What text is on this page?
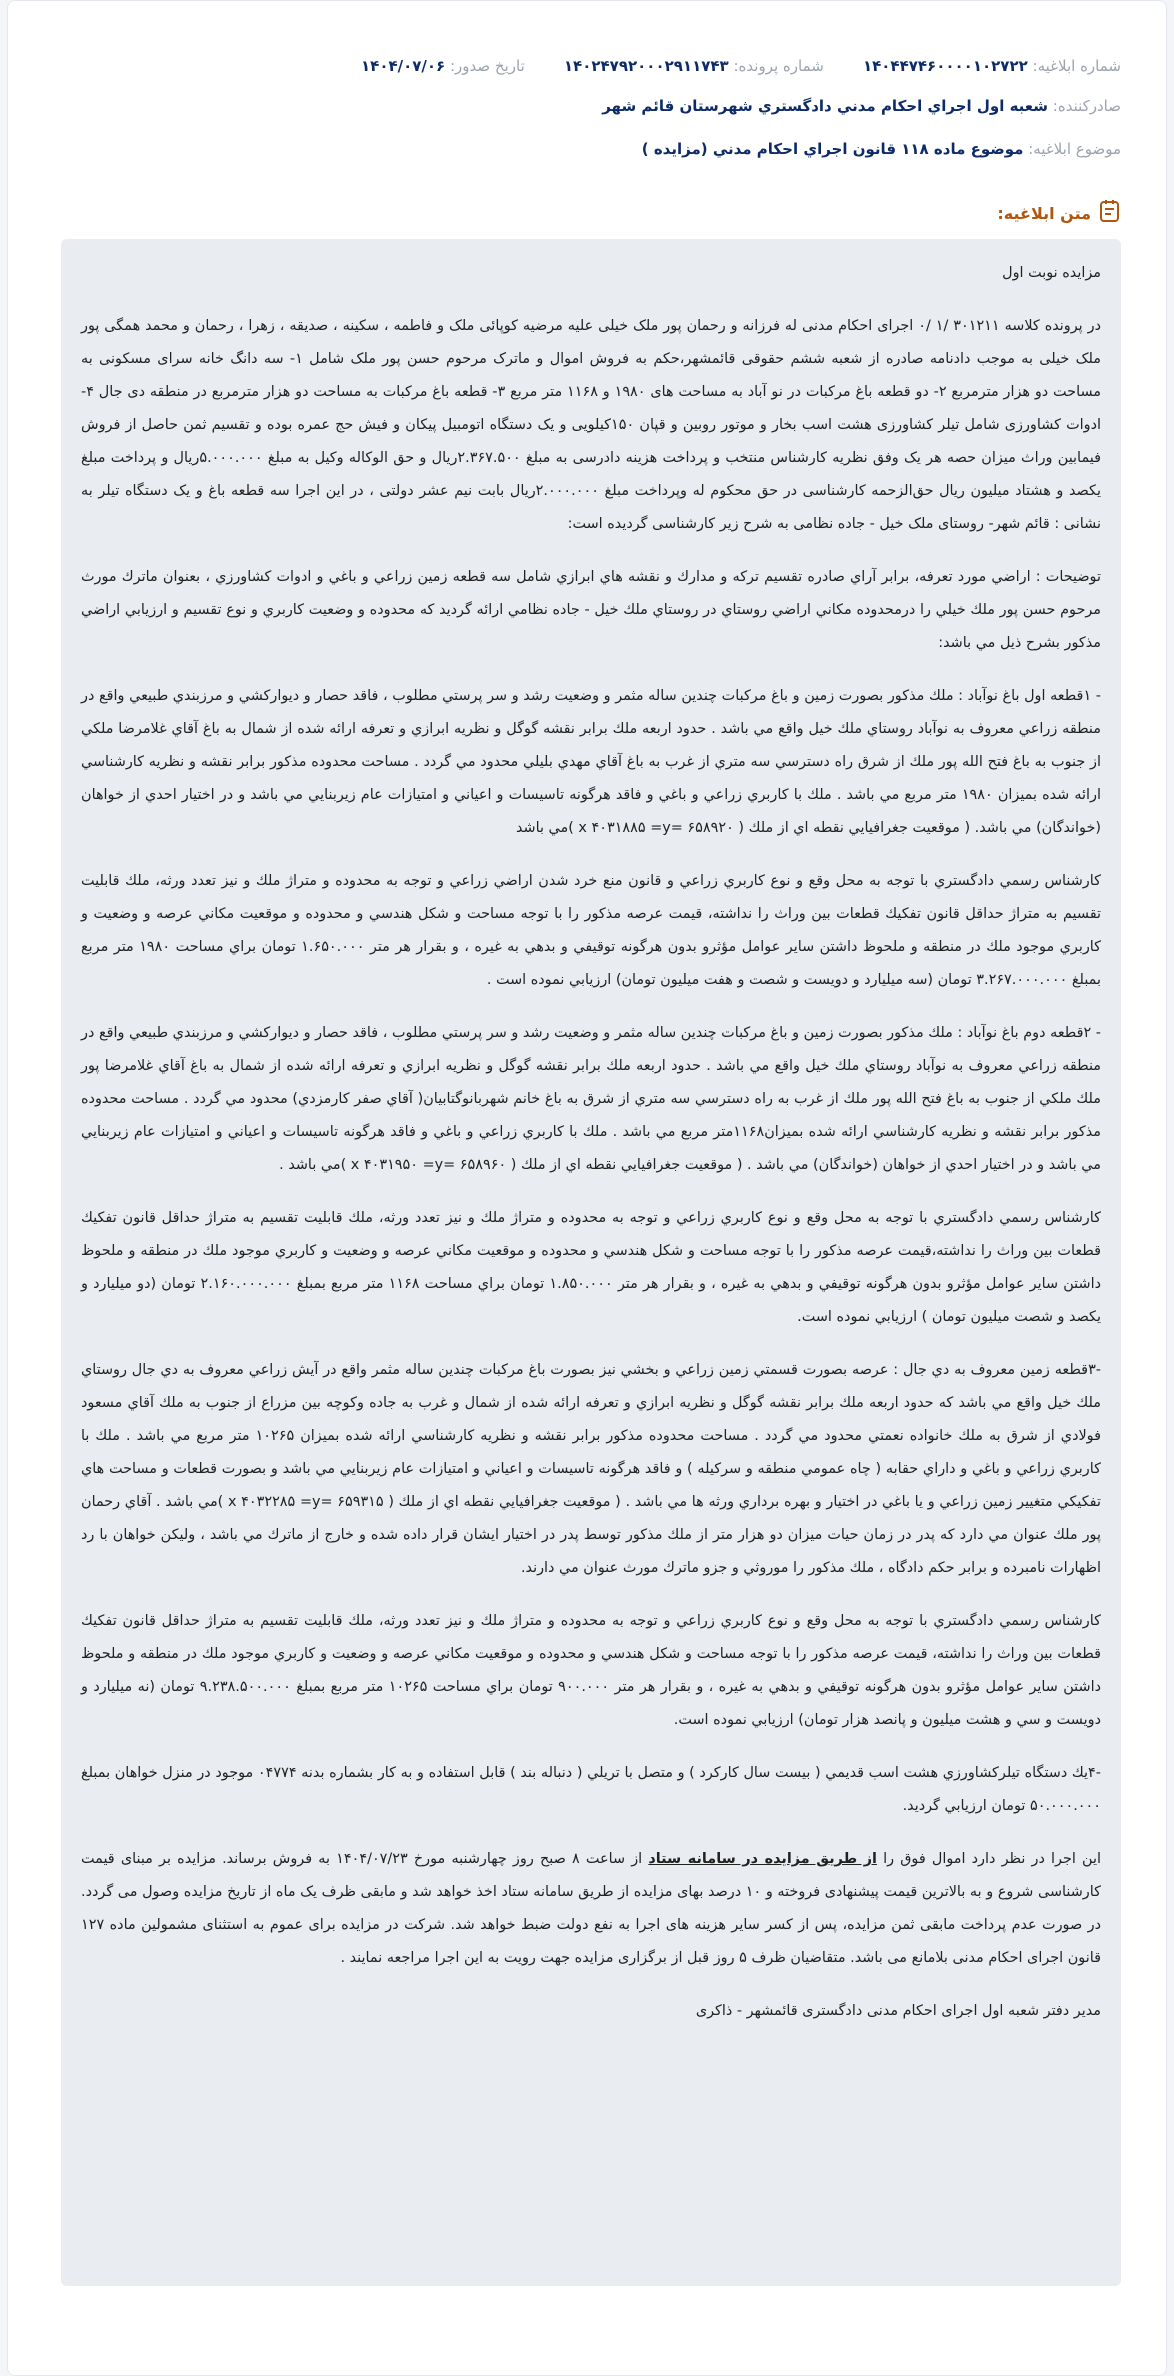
شماره ابلاغیه: ۱۴۰۴۴۷۴۶۰۰۰۰۱۰۲۷۲۲
شماره پرونده: ۱۴۰۲۴۷۹۲۰۰۰۲۹۱۱۷۴۳
تاریخ صدور: ۱۴۰۴/۰۷/۰۶
صادرکننده: شعبه اول اجراي احكام مدني دادگستري شهرستان قائم شهر
موضوع ابلاغیه: موضوع ماده ۱۱۸ قانون اجراي احكام مدني (مزايده )
متن ابلاغیه:

مزایده نوبت اول

در پرونده کلاسه ۳۰۱۲۱۱ /۱ /۰ اجرای احکام مدنی له فرزانه و رحمان پور ملک خیلی علیه مرضیه کوپائی ملک و فاطمه ، سکینه ، صدیقه ، زهرا ، رحمان و محمد همگی پور ملک خیلی به موجب دادنامه صادره از شعبه ششم حقوقی قائمشهر،حکم به فروش اموال و ماترک مرحوم حسن پور ملک شامل ۱- سه دانگ خانه سرای مسکونی به مساحت دو هزار مترمربع ۲- دو قطعه باغ مرکبات در نو آباد به مساحت های ۱۹۸۰ و ۱۱۶۸ متر مربع ۳- قطعه باغ مرکبات به مساحت دو هزار مترمربع در منطقه دی جال ۴- ادوات کشاورزی شامل تیلر کشاورزی هشت اسب بخار و موتور روبین و قپان ۱۵۰کیلویی و یک دستگاه اتومبیل پیکان و فیش حج عمره بوده و تقسیم ثمن حاصل از فروش فیمابین وراث میزان حصه هر یک وفق نظریه کارشناس منتخب و پرداخت هزینه دادرسی به مبلغ ۲.۳۶۷.۵۰۰ریال و حق الوکاله وکیل به مبلغ ۵.۰۰۰.۰۰۰ریال و پرداخت مبلغ یکصد و هشتاد میلیون ریال حق‌الزحمه کارشناسی در حق محکوم له وپرداخت مبلغ ۲.۰۰۰.۰۰۰ریال بابت نیم عشر دولتی ، در این اجرا سه قطعه باغ و یک دستگاه تیلر به نشانی : قائم شهر- روستای ملک خیل - جاده نظامی به شرح زیر کارشناسی گردیده است:

توضیحات : اراضي مورد تعرفه، برابر آراي صادره تقسيم تركه و مدارك و نقشه هاي ابرازي شامل سه قطعه زمين زراعي و باغي و ادوات كشاورزي ، بعنوان ماترك مورث مرحوم حسن پور ملك خيلي را درمحدوده مكاني اراضي روستاي در روستاي ملك خيل - جاده نظامي ارائه گرديد كه محدوده و وضعيت كاربري و نوع تقسيم و ارزيابي اراضي مذكور بشرح ذيل مي باشد:

- ۱قطعه اول باغ نوآباد : ملك مذكور بصورت زمين و باغ مركبات چندين ساله مثمر و وضعيت رشد و سر پرستي مطلوب ، فاقد حصار و ديواركشي و مرزبندي طبيعي واقع در منطقه زراعي معروف به نوآباد روستاي ملك خيل واقع مي باشد . حدود اربعه ملك برابر نقشه گوگل و نظريه ابرازي و تعرفه ارائه شده از شمال به باغ آقاي غلامرضا ملكي از جنوب به باغ فتح الله پور ملك از شرق راه دسترسي سه متري از غرب به باغ آقاي مهدي بليلي محدود مي گردد . مساحت محدوده مذكور برابر نقشه و نظريه كارشناسي ارائه شده بميزان ۱۹۸۰ متر مربع مي باشد . ملك با كاربري زراعي و باغي و فاقد هرگونه تاسيسات و اعياني و امتيازات عام زيربنايي مي باشد و در اختيار احدي از خواهان (خواندگان) مي باشد. ( موقعيت جغرافيايي نقطه اي از ملك ( ۶۵۸۹۲۰ =x ۴۰۳۱۸۸۵ =y )مي باشد

كارشناس رسمي دادگستري با توجه به محل وقع و نوع كاربري زراعي و قانون منع خرد شدن اراضي زراعي و توجه به محدوده و متراژ ملك و نيز تعدد ورثه، ملك قابليت تقسيم به متراژ حداقل قانون تفكيك قطعات بين وراث را نداشته، قيمت عرصه مذكور را با توجه مساحت و شكل هندسي و محدوده و موقعيت مكاني عرصه و وضعيت و كاربري موجود ملك در منطقه و ملحوظ داشتن ساير عوامل مؤثرو بدون هرگونه توقيفي و بدهي به غيره ، و بقرار هر متر ۱.۶۵۰.۰۰۰ تومان براي مساحت ۱۹۸۰ متر مربع بمبلغ ۳.۲۶۷.۰۰۰.۰۰۰ تومان (سه ميليارد و دويست و شصت و هفت ميليون تومان) ارزيابي نموده است .

- ۲قطعه دوم باغ نوآباد : ملك مذكور بصورت زمين و باغ مركبات چندين ساله مثمر و وضعيت رشد و سر پرستي مطلوب ، فاقد حصار و ديواركشي و مرزبندي طبيعي واقع در منطقه زراعي معروف به نوآباد روستاي ملك خيل واقع مي باشد . حدود اربعه ملك برابر نقشه گوگل و نظريه ابرازي و تعرفه ارائه شده از شمال به باغ آقاي غلامرضا پور ملك ملكي از جنوب به باغ فتح الله پور ملك از غرب به راه دسترسي سه متري از شرق به باغ خانم شهربانوگتابيان( آقاي صفر كارمزدي) محدود مي گردد . مساحت محدوده مذكور برابر نقشه و نظريه كارشناسي ارائه شده بميزان۱۱۶۸متر مربع مي باشد . ملك با كاربري زراعي و باغي و فاقد هرگونه تاسيسات و اعياني و امتيازات عام زيربنايي مي باشد و در اختيار احدي از خواهان (خواندگان) مي باشد . ( موقعيت جغرافيايي نقطه اي از ملك ( ۶۵۸۹۶۰ =x ۴۰۳۱۹۵۰ =y )مي باشد .

كارشناس رسمي دادگستري با توجه به محل وقع و نوع كاربري زراعي و توجه به محدوده و متراژ ملك و نيز تعدد ورثه، ملك قابليت تقسيم به متراژ حداقل قانون تفكيك قطعات بين وراث را نداشته،قيمت عرصه مذكور را با توجه مساحت و شكل هندسي و محدوده و موقعيت مكاني عرصه و وضعيت و كاربري موجود ملك در منطقه و ملحوظ داشتن ساير عوامل مؤثرو بدون هرگونه توقيفي و بدهي به غيره ، و بقرار هر متر ۱.۸۵۰.۰۰۰ تومان براي مساحت ۱۱۶۸ متر مربع بمبلغ ۲.۱۶۰.۰۰۰.۰۰۰ تومان (دو ميليارد و يكصد و شصت ميليون تومان ) ارزيابي نموده است.

-۳قطعه زمين معروف به دي جال : عرصه بصورت قسمتي زمين زراعي و بخشي نيز بصورت باغ مركبات چندين ساله مثمر واقع در آيش زراعي معروف به دي جال روستاي ملك خيل واقع مي باشد كه حدود اربعه ملك برابر نقشه گوگل و نظريه ابرازي و تعرفه ارائه شده از شمال و غرب به جاده وكوچه بين مزراع از جنوب به ملك آقاي مسعود فولادي از شرق به ملك خانواده نعمتي محدود مي گردد . مساحت محدوده مذكور برابر نقشه و نظريه كارشناسي ارائه شده بميزان ۱۰۲۶۵ متر مربع مي باشد . ملك با كاربري زراعي و باغي و داراي حقابه ( چاه عمومي منطقه و سركيله ) و فاقد هرگونه تاسيسات و اعياني و امتيازات عام زيربنايي مي باشد و بصورت قطعات و مساحت هاي تفكيكي متغيير زمين زراعي و يا باغي در اختيار و بهره برداري ورثه ها مي باشد . ( موقعيت جغرافيايي نقطه اي از ملك ( ۶۵۹۳۱۵ =x ۴۰۳۲۲۸۵ =y )مي باشد . آقاي رحمان پور ملك عنوان مي دارد كه پدر در زمان حيات ميزان دو هزار متر از ملك مذكور توسط پدر در اختيار ايشان قرار داده شده و خارج از ماترك مي باشد ، وليكن خواهان با رد اظهارات نامبرده و برابر حكم دادگاه ، ملك مذكور را موروثي و جزو ماترك مورث عنوان مي دارند.

كارشناس رسمي دادگستري با توجه به محل وقع و نوع كاربري زراعي و توجه به محدوده و متراژ ملك و نيز تعدد ورثه، ملك قابليت تقسيم به متراژ حداقل قانون تفكيك قطعات بين وراث را نداشته، قيمت عرصه مذكور را با توجه مساحت و شكل هندسي و محدوده و موقعيت مكاني عرصه و وضعيت و كاربري موجود ملك در منطقه و ملحوظ داشتن ساير عوامل مؤثرو بدون هرگونه توقيفي و بدهي به غيره ، و بقرار هر متر ۹۰۰.۰۰۰ تومان براي مساحت ۱۰۲۶۵ متر مربع بمبلغ ۹.۲۳۸.۵۰۰.۰۰۰ تومان (نه ميليارد و دويست و سي و هشت ميليون و پانصد هزار تومان) ارزيابي نموده است.

-۴يك دستگاه تيلركشاورزي هشت اسب قديمي ( بيست سال كاركرد ) و متصل با تريلي ( دنباله بند ) قابل استفاده و به كار بشماره بدنه ۰۴۷۷۴ موجود در منزل خواهان بمبلغ ۵۰.۰۰۰.۰۰۰ تومان ارزيابي گرديد.

این اجرا در نظر دارد اموال فوق را از طریق مزایده در سامانه ستاد از ساعت ۸ صبح روز چهارشنبه مورخ ۱۴۰۴/۰۷/۲۳ به فروش برساند. مزایده بر مبنای قیمت کارشناسی شروع و به بالاترین قیمت پیشنهادی فروخته و ۱۰ درصد بهای مزایده از طریق سامانه ستاد اخذ خواهد شد و مابقی ظرف یک ماه از تاریخ مزایده وصول می گردد. در صورت عدم پرداخت مابقی ثمن مزایده، پس از کسر سایر هزینه های اجرا به نفع دولت ضبط خواهد شد. شرکت در مزایده برای عموم به استثنای مشمولین ماده ۱۲۷ قانون اجرای احکام مدنی بلامانع می باشد. متقاضیان ظرف ۵ روز قبل از برگزاری مزایده جهت رویت به این اجرا مراجعه نمایند .

مدیر دفتر شعبه اول اجرای احکام مدنی دادگستری قائمشهر - ذاکری
